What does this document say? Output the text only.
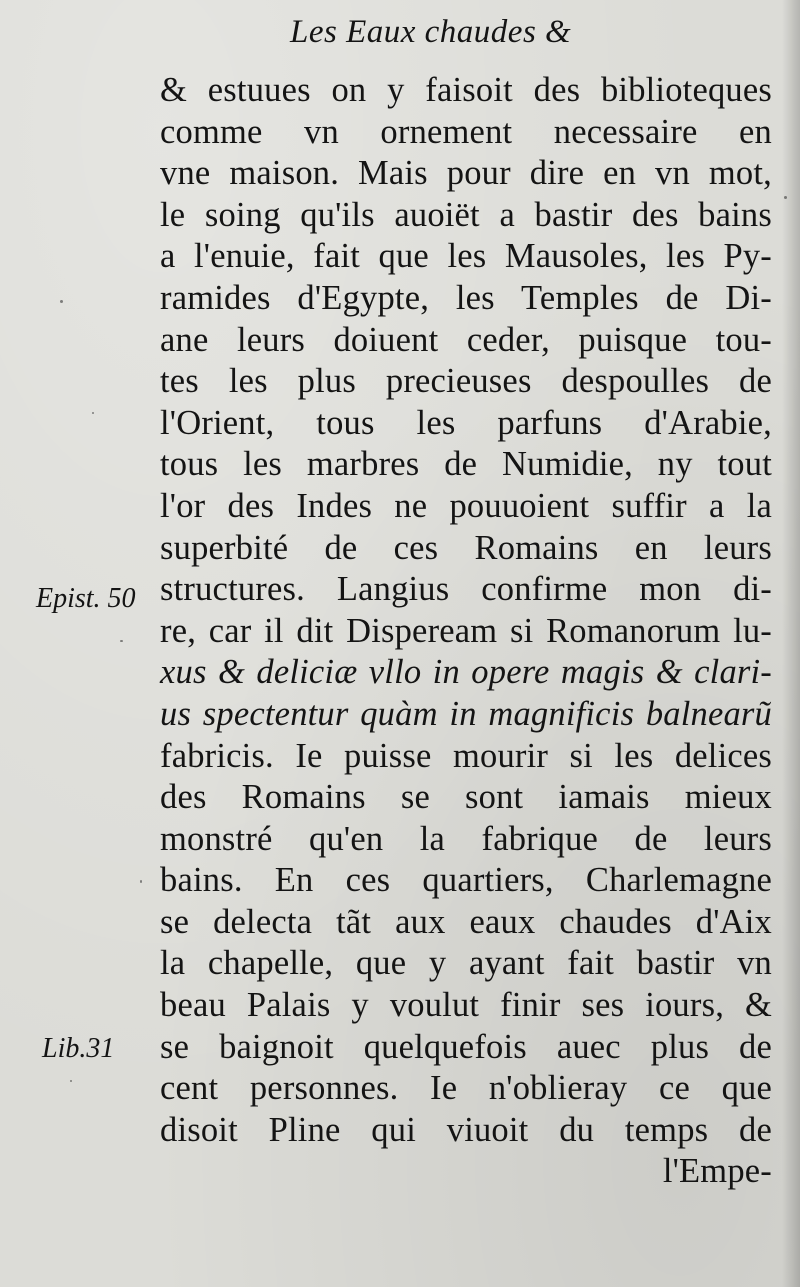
Les Eaux chaudes &
Epist. 50
Lib.31
& estuues on y faisoit des biblioteques
comme vn ornement necessaire en
vne maison. Mais pour dire en vn mot,
le soing qu'ils auoiët a bastir des bains
a l'enuie, fait que les Mausoles, les Py-
ramides d'Egypte, les Temples de Di-
ane leurs doiuent ceder, puisque tou-
tes les plus precieuses despoulles de
l'Orient, tous les parfuns d'Arabie,
tous les marbres de Numidie, ny tout
l'or des Indes ne pouuoient suffir a la
superbité de ces Romains en leurs
structures. Langius confirme mon di-
re, car il dit Dispeream si Romanorum lu-
xus & deliciæ vllo in opere magis & clari-
us spectentur quàm in magnificis balnearũ
fabricis. Ie puisse mourir si les delices
des Romains se sont iamais mieux
monstré qu'en la fabrique de leurs
bains. En ces quartiers, Charlemagne
se delecta tãt aux eaux chaudes d'Aix
la chapelle, que y ayant fait bastir vn
beau Palais y voulut finir ses iours, &
se baignoit quelquefois auec plus de
cent personnes. Ie n'oblieray ce que
disoit Pline qui viuoit du temps de
l'Empe-
